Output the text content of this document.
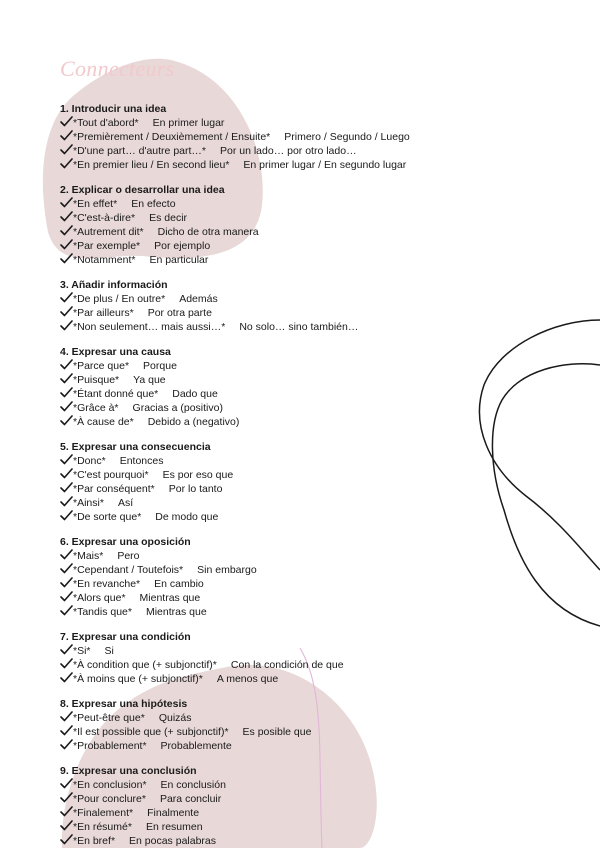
Connecteurs
1. Introducir una idea
*Tout d'abord* En primer lugar
*Premièrement / Deuxièmement / Ensuite* Primero / Segundo / Luego
*D'une part… d'autre part…* Por un lado… por otro lado…
*En premier lieu / En second lieu* En primer lugar / En segundo lugar
2. Explicar o desarrollar una idea
*En effet* En efecto
*C'est-à-dire* Es decir
*Autrement dit* Dicho de otra manera
*Par exemple* Por ejemplo
*Notamment* En particular
3. Añadir información
*De plus / En outre* Además
*Par ailleurs* Por otra parte
*Non seulement… mais aussi…* No solo… sino también…
4. Expresar una causa
*Parce que* Porque
*Puisque* Ya que
*Étant donné que* Dado que
*Grâce à* Gracias a (positivo)
*À cause de* Debido a (negativo)
5. Expresar una consecuencia
*Donc* Entonces
*C'est pourquoi* Es por eso que
*Par conséquent* Por lo tanto
*Ainsi* Así
*De sorte que* De modo que
6. Expresar una oposición
*Mais* Pero
*Cependant / Toutefois* Sin embargo
*En revanche* En cambio
*Alors que* Mientras que
*Tandis que* Mientras que
7. Expresar una condición
*Si* Si
*À condition que (+ subjonctif)* Con la condición de que
*À moins que (+ subjonctif)* A menos que
8. Expresar una hipótesis
*Peut-être que* Quizás
*Il est possible que (+ subjonctif)* Es posible que
*Probablement* Probablemente
9. Expresar una conclusión
*En conclusion* En conclusión
*Pour conclure* Para concluir
*Finalement* Finalmente
*En résumé* En resumen
*En bref* En pocas palabras
